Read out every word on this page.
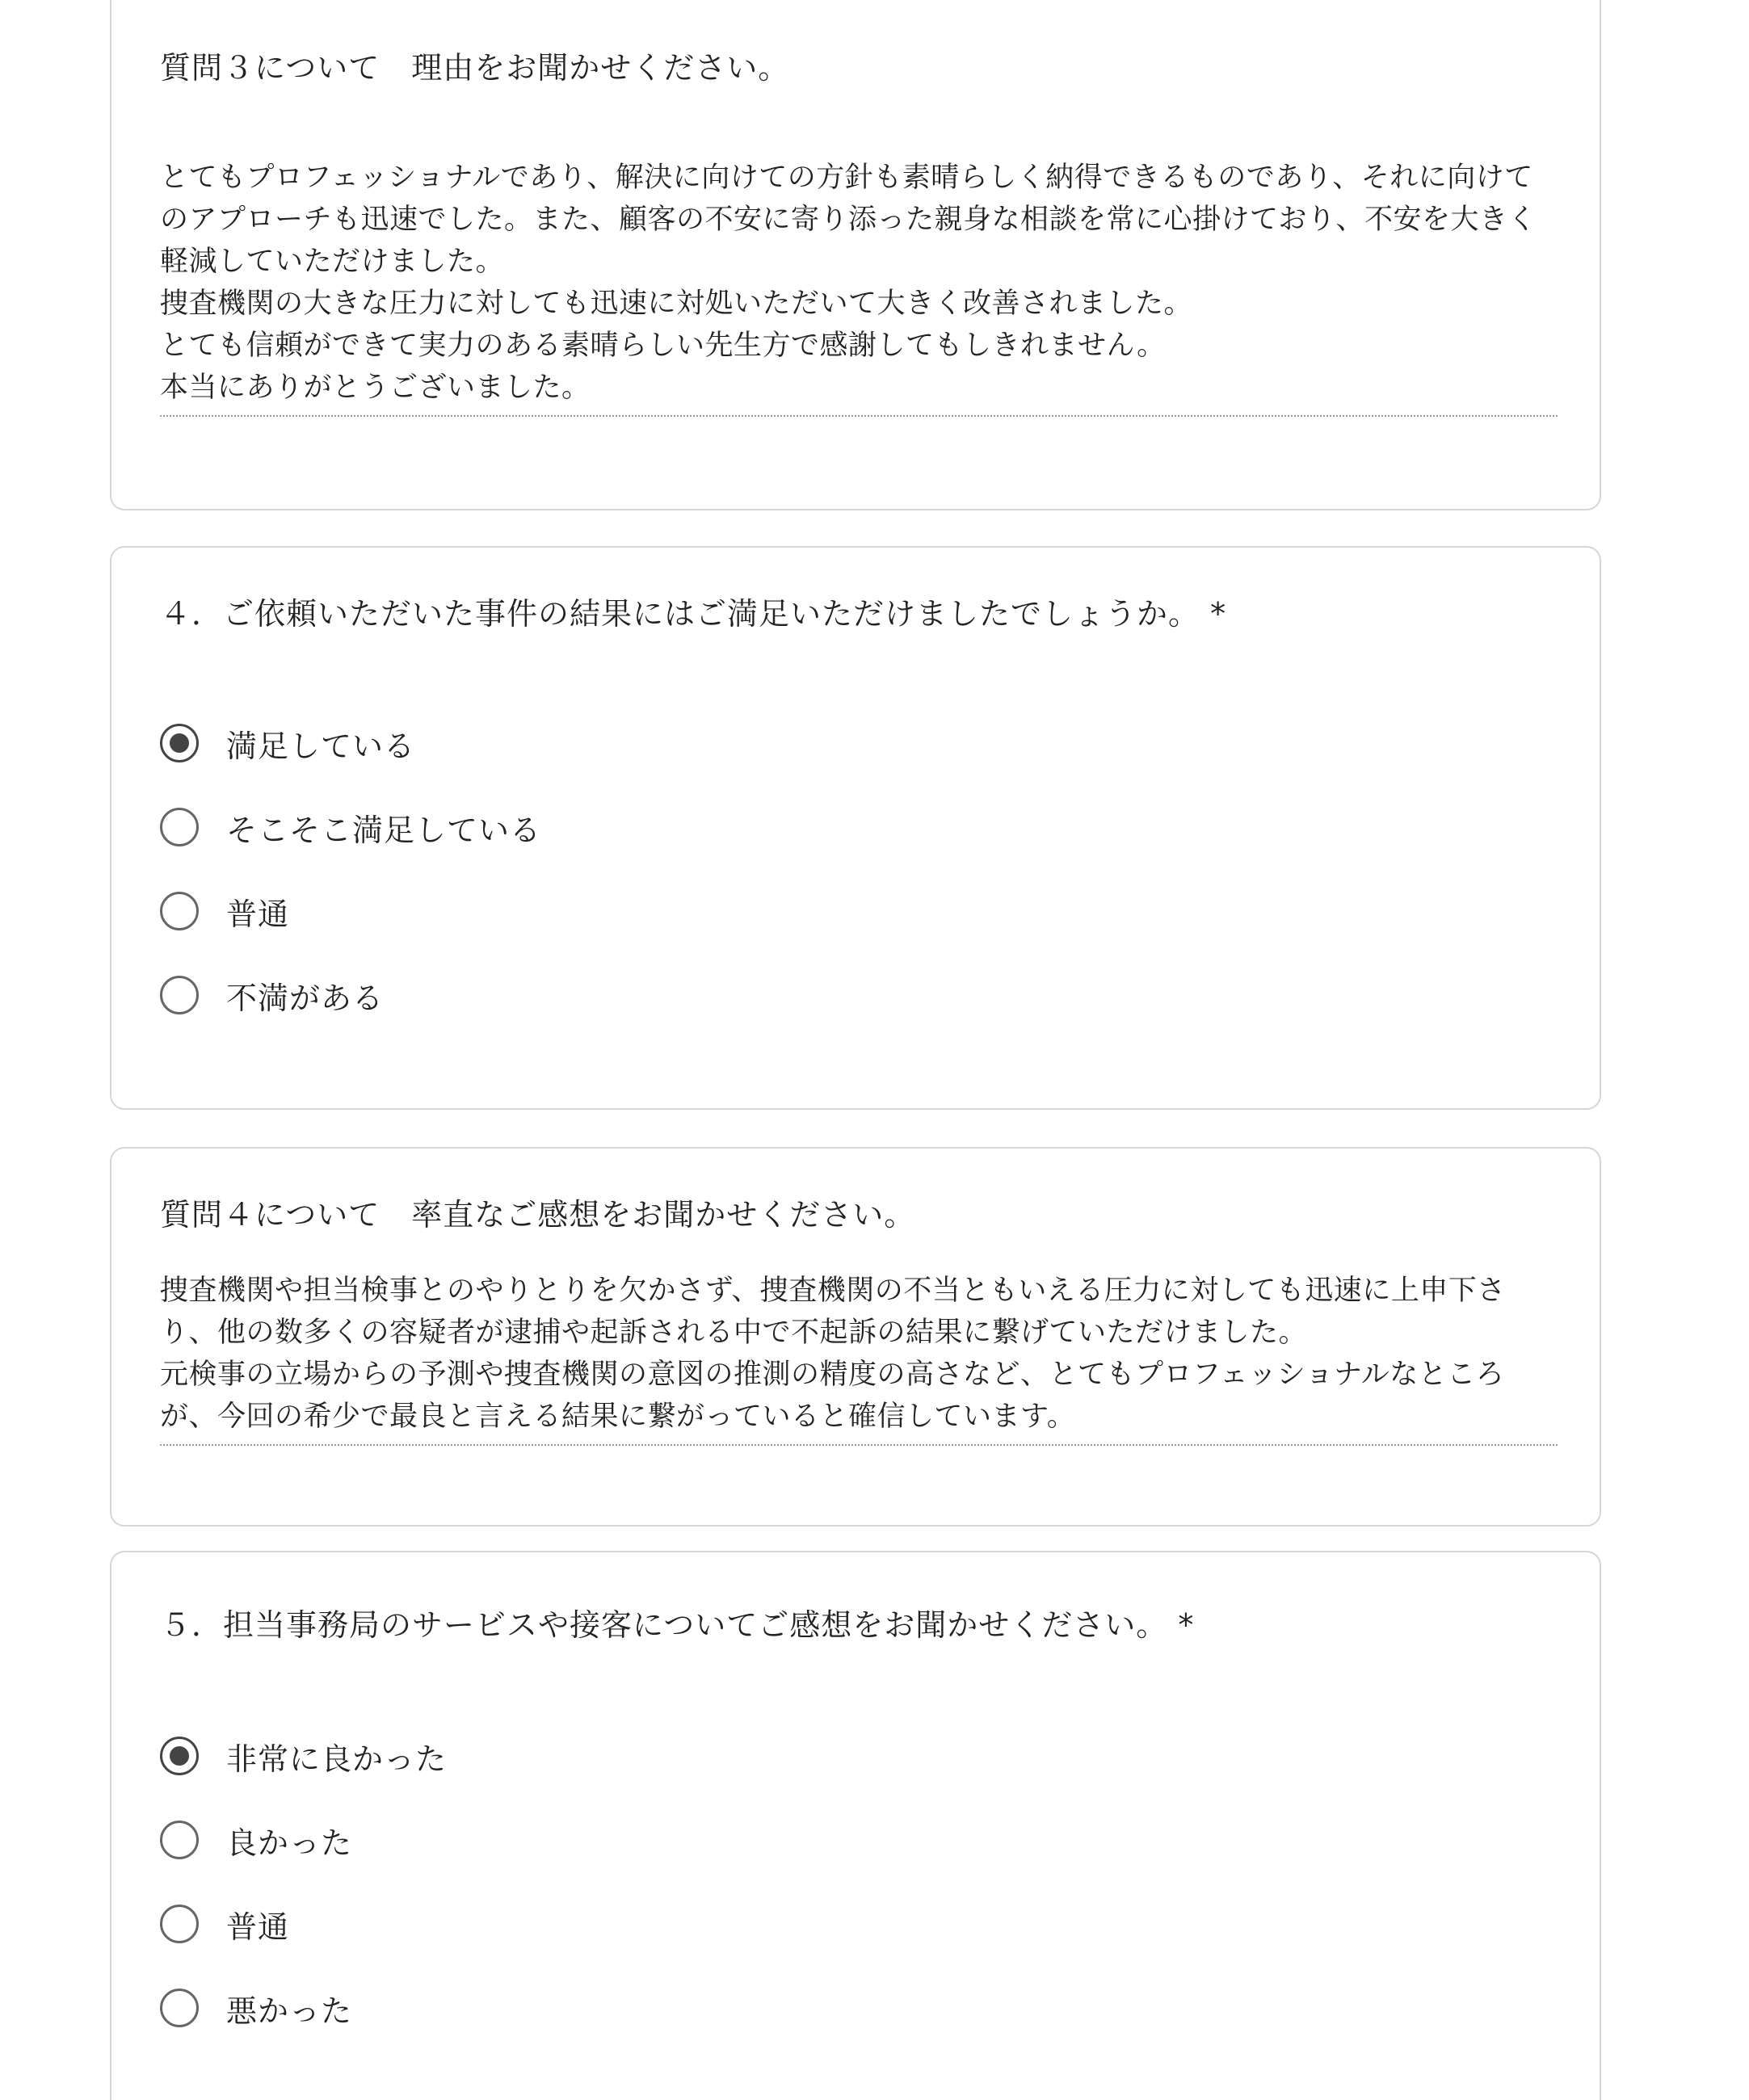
質問３について　理由をお聞かせください。

とてもプロフェッショナルであり、解決に向けての方針も素晴らしく納得できるものであり、それに向けてのアプローチも迅速でした。また、顧客の不安に寄り添った親身な相談を常に心掛けており、不安を大きく軽減していただけました。

捜査機関の大きな圧力に対しても迅速に対処いただいて大きく改善されました。

とても信頼ができて実力のある素晴らしい先生方で感謝してもしきれません。

本当にありがとうございました。

４．ご依頼いただいた事件の結果にはご満足いただけましたでしょうか。 *
満足している
そこそこ満足している
普通
不満がある
質問４について　率直なご感想をお聞かせください。

捜査機関や担当検事とのやりとりを欠かさず、捜査機関の不当ともいえる圧力に対しても迅速に上申下さり、他の数多くの容疑者が逮捕や起訴される中で不起訴の結果に繋げていただけました。

元検事の立場からの予測や捜査機関の意図の推測の精度の高さなど、とてもプロフェッショナルなところが、今回の希少で最良と言える結果に繋がっていると確信しています。

５．担当事務局のサービスや接客についてご感想をお聞かせください。 *
非常に良かった
良かった
普通
悪かった
